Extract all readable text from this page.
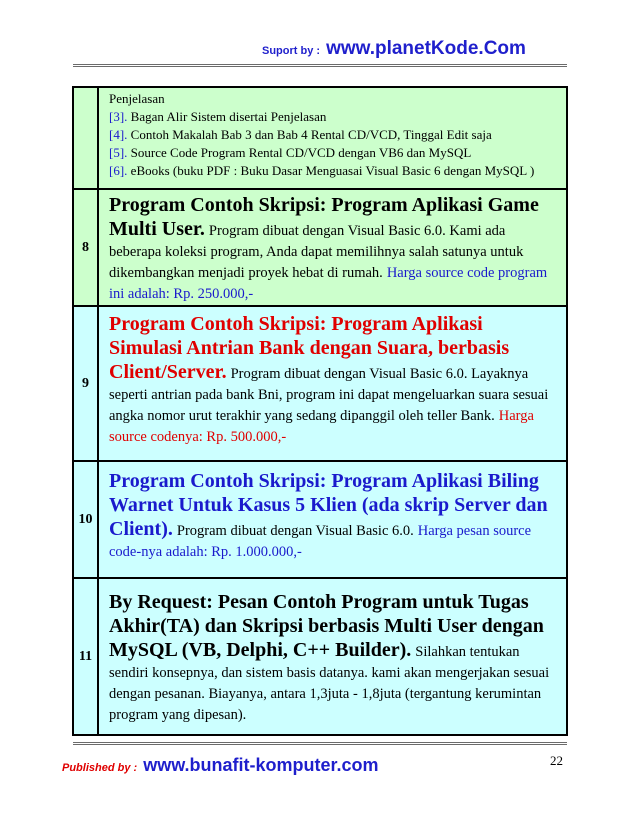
Suport by : www.planetKode.Com

	Penjelasan
[3]. Bagan Alir Sistem disertai Penjelasan
[4]. Contoh Makalah Bab 3 dan Bab 4 Rental CD/VCD, Tinggal Edit saja
[5]. Source Code Program Rental CD/VCD dengan VB6 dan MySQL
[6]. eBooks (buku PDF : Buku Dasar Menguasai Visual Basic 6 dengan MySQL )

8	Program Contoh Skripsi: Program Aplikasi Game Multi User. Program dibuat dengan Visual Basic 6.0. Kami ada beberapa koleksi program, Anda dapat memilihnya salah satunya untuk dikembangkan menjadi proyek hebat di rumah. Harga source code program ini adalah: Rp. 250.000,-
9	Program Contoh Skripsi: Program Aplikasi Simulasi Antrian Bank dengan Suara, berbasis Client/Server. Program dibuat dengan Visual Basic 6.0. Layaknya seperti antrian pada bank Bni, program ini dapat mengeluarkan suara sesuai angka nomor urut terakhir yang sedang dipanggil oleh teller Bank. Harga source codenya: Rp. 500.000,-
10	Program Contoh Skripsi: Program Aplikasi Biling Warnet Untuk Kasus 5 Klien (ada skrip Server dan Client). Program dibuat dengan Visual Basic 6.0. Harga pesan source code-nya adalah: Rp. 1.000.000,-
11	By Request: Pesan Contoh Program untuk Tugas Akhir(TA) dan Skripsi berbasis Multi User dengan MySQL (VB, Delphi, C++ Builder). Silahkan tentukan sendiri konsepnya, dan sistem basis datanya. kami akan mengerjakan sesuai dengan pesanan. Biayanya, antara 1,3juta - 1,8juta (tergantung kerumintan program yang dipesan).
Published by : www.bunafit-komputer.com	22
